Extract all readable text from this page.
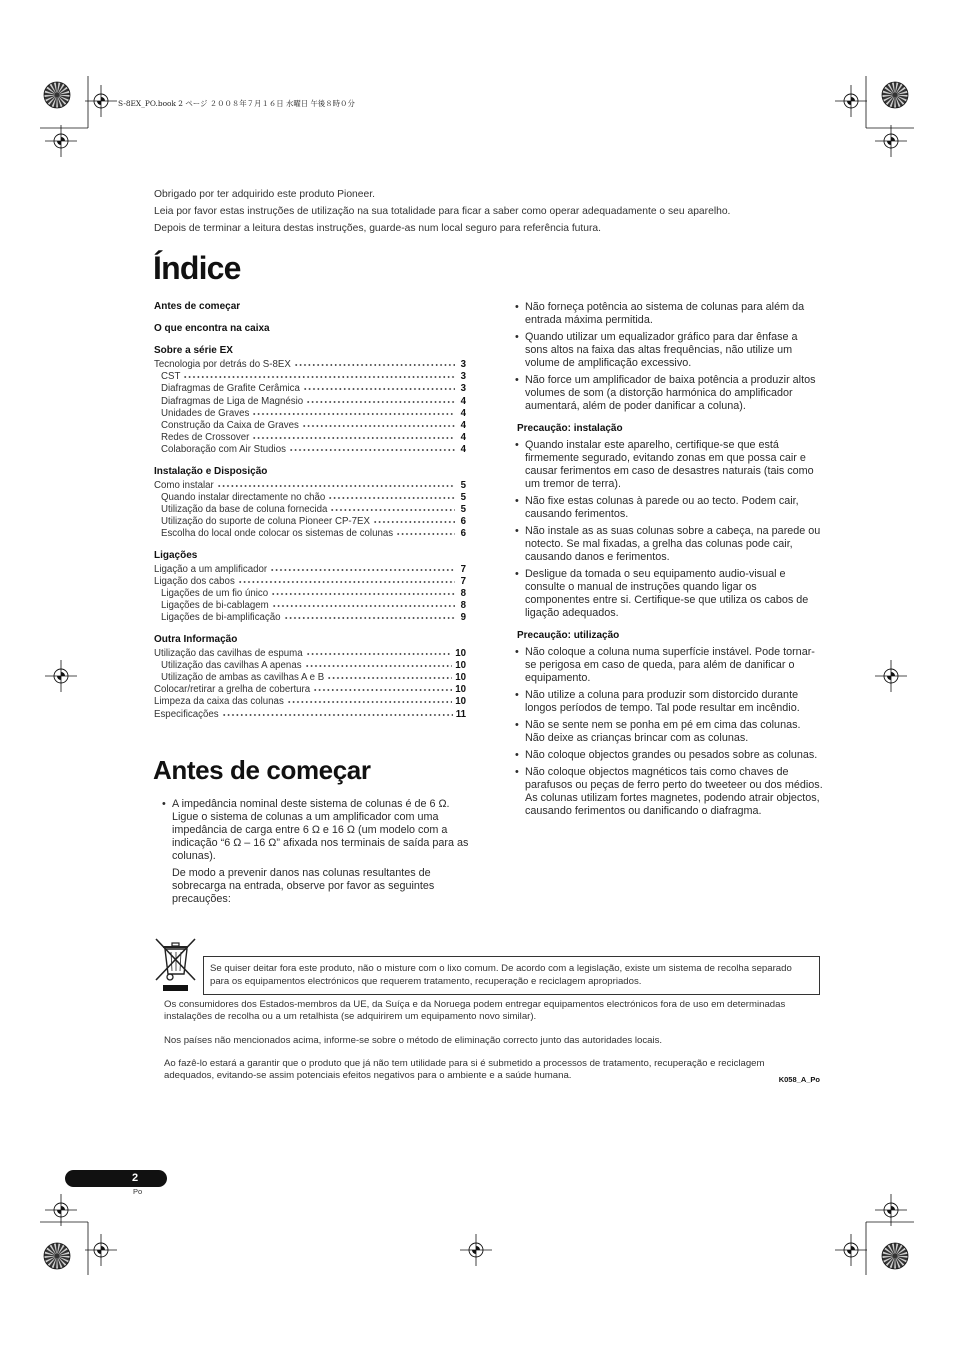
S-8EX_PO.book 2 ページ ２００８年７月１６日 水曜日 午後８時０分
Obrigado por ter adquirido este produto Pioneer.
Leia por favor estas instruções de utilização na sua totalidade para ficar a saber como operar adequadamente o seu aparelho.
Depois de terminar a leitura destas instruções, guarde-as num local seguro para referência futura.
Índice
Antes de começar
O que encontra na caixa
Sobre a série EX
Tecnologia por detrás do S-8EX	3
CST	3
Diafragmas de Grafite Cerâmica	3
Diafragmas de Liga de Magnésio	4
Unidades de Graves	4
Construção da Caixa de Graves	4
Redes de Crossover	4
Colaboração com Air Studios	4
Instalação e Disposição
Como instalar	5
Quando instalar directamente no chão	5
Utilização da base de coluna fornecida	5
Utilização do suporte de coluna Pioneer CP-7EX	6
Escolha do local onde colocar os sistemas de colunas	6
Ligações
Ligação a um amplificador	7
Ligação dos cabos	7
Ligações de um fio único	8
Ligações de bi-cablagem	8
Ligações de bi-amplificação	9
Outra Informação
Utilização das cavilhas de espuma	10
Utilização das cavilhas A apenas	10
Utilização de ambas as cavilhas A e B	10
Colocar/retirar a grelha de cobertura	10
Limpeza da caixa das colunas	10
Especificações	11
• Não forneça potência ao sistema de colunas para além da entrada máxima permitida.
• Quando utilizar um equalizador gráfico para dar ênfase a sons altos na faixa das altas frequências, não utilize um volume de amplificação excessivo.
• Não force um amplificador de baixa potência a produzir altos volumes de som (a distorção harmónica do amplificador aumentará, além de poder danificar a coluna).
Precaução: instalação
• Quando instalar este aparelho, certifique-se que está firmemente segurado, evitando zonas em que possa cair e causar ferimentos em caso de desastres naturais (tais como um tremor de terra).
• Não fixe estas colunas à parede ou ao tecto. Podem cair, causando ferimentos.
• Não instale as as suas colunas sobre a cabeça, na parede ou notecto. Se mal fixadas, a grelha das colunas pode cair, causando danos e ferimentos.
• Desligue da tomada o seu equipamento audio-visual e consulte o manual de instruções quando ligar os componentes entre si. Certifique-se que utiliza os cabos de ligação adequados.
Precaução: utilização
• Não coloque a coluna numa superfície instável. Pode tornar-se perigosa em caso de queda, para além de danificar o equipamento.
• Não utilize a coluna para produzir som distorcido durante longos períodos de tempo. Tal pode resultar em incêndio.
• Não se sente nem se ponha em pé em cima das colunas. Não deixe as crianças brincar com as colunas.
• Não coloque objectos grandes ou pesados sobre as colunas.
• Não coloque objectos magnéticos tais como chaves de parafusos ou peças de ferro perto do tweeteer ou dos médios. As colunas utilizam fortes magnetes, podendo atrair objectos, causando ferimentos ou danificando o diafragma.
Antes de começar
• A impedância nominal deste sistema de colunas é de 6 Ω. Ligue o sistema de colunas a um amplificador com uma impedância de carga entre 6 Ω e 16 Ω (um modelo com a indicação “6 Ω – 16 Ω” afixada nos terminais de saída para as colunas).

De modo a prevenir danos nas colunas resultantes de sobrecarga na entrada, observe por favor as seguintes precauções:

Se quiser deitar fora este produto, não o misture com o lixo comum. De acordo com a legislação, existe um sistema de recolha separado para os equipamentos electrónicos que requerem tratamento, recuperação e reciclagem apropriados.

Os consumidores dos Estados-membros da UE, da Suíça e da Noruega podem entregar equipamentos electrónicos fora de uso em determinadas instalações de recolha ou a um retalhista (se adquirirem um equipamento novo similar).

Nos países não mencionados acima, informe-se sobre o método de eliminação correcto junto das autoridades locais.

Ao fazê-lo estará a garantir que o produto que já não tem utilidade para si é submetido a processos de tratamento, recuperação e reciclagem adequados, evitando-se assim potenciais efeitos negativos para o ambiente e a saúde humana.	K058_A_Po
2
Po
